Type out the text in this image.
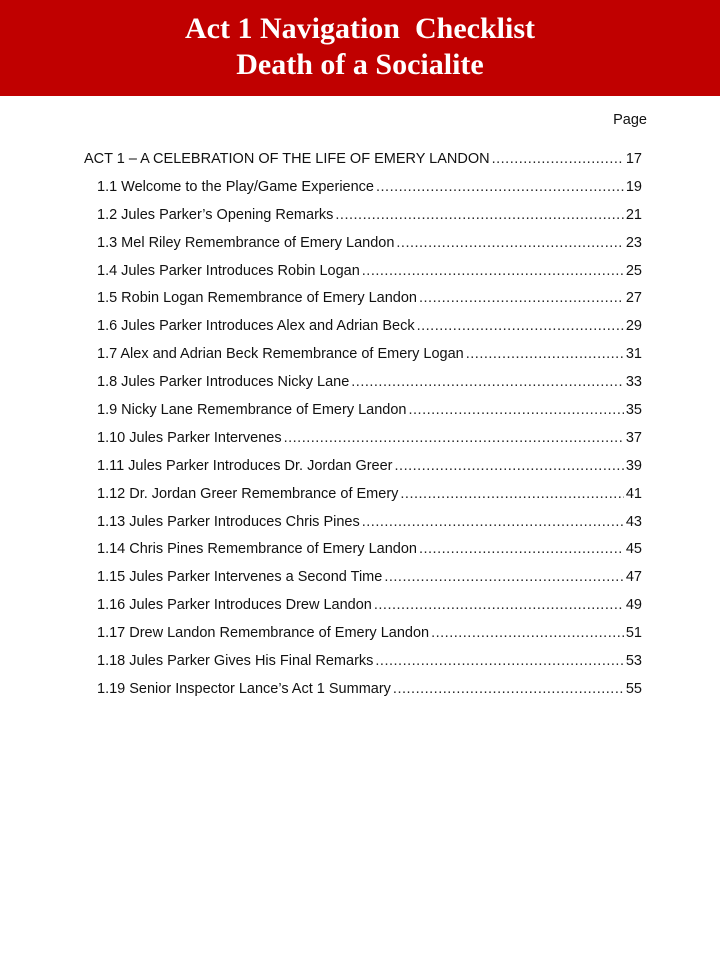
Act 1 Navigation  Checklist
Death of a Socialite
Page
ACT 1 – A CELEBRATION OF THE LIFE OF EMERY LANDON .....	17
1.1 Welcome to the Play/Game Experience .....	19
1.2 Jules Parker’s Opening Remarks .....	21
1.3 Mel Riley Remembrance of Emery Landon .....	23
1.4 Jules Parker Introduces Robin Logan .....	25
1.5 Robin Logan Remembrance of Emery Landon .....	27
1.6 Jules Parker Introduces Alex and Adrian Beck .....	29
1.7 Alex and Adrian Beck Remembrance of Emery Logan .....	31
1.8 Jules Parker Introduces Nicky Lane .....	33
1.9 Nicky Lane Remembrance of Emery Landon .....	35
1.10 Jules Parker Intervenes .....	37
1.11 Jules Parker Introduces Dr. Jordan Greer .....	39
1.12 Dr. Jordan Greer Remembrance of Emery .....	41
1.13 Jules Parker Introduces Chris Pines .....	43
1.14 Chris Pines Remembrance of Emery Landon .....	45
1.15 Jules Parker Intervenes a Second Time .....	47
1.16 Jules Parker Introduces Drew Landon .....	49
1.17 Drew Landon Remembrance of Emery Landon .....	51
1.18 Jules Parker Gives His Final Remarks .....	53
1.19 Senior Inspector Lance’s Act 1 Summary .....	55
